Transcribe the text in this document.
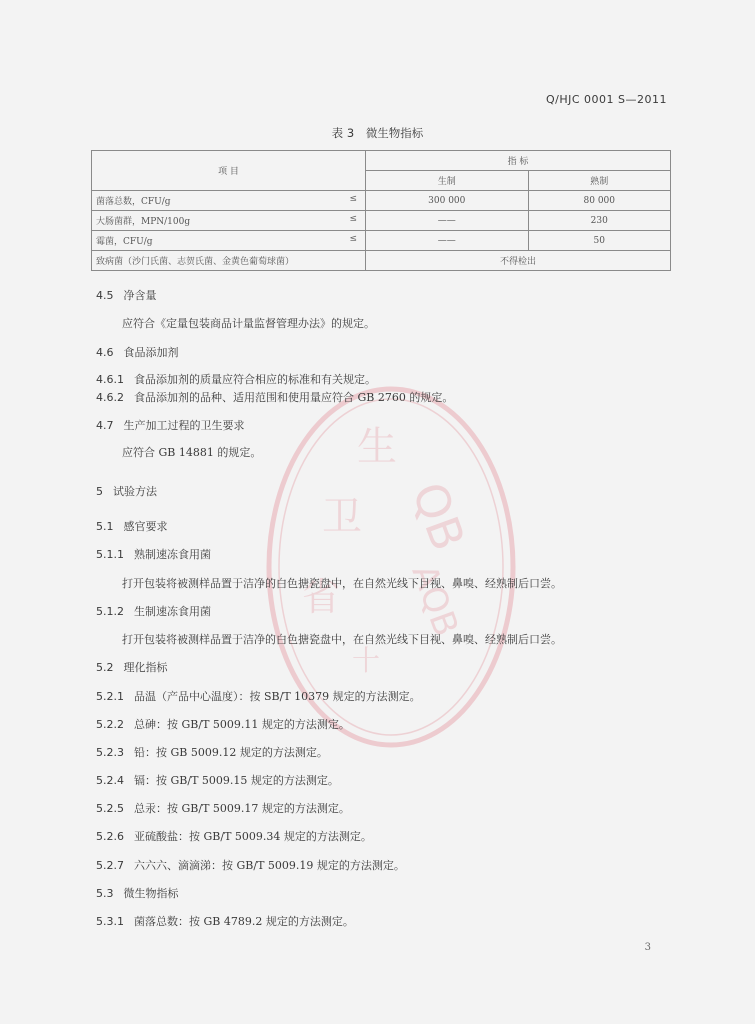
QB
AQB
卫
生
省
十
Q/HJC 0001 S—2011
表 3 微生物指标
项 目	指 标	
	生制	熟制
菌落总数，CFU/g ≤	300 000	80 000
大肠菌群，MPN/100g ≤	——	230
霉菌，CFU/g ≤	——	50
致病菌（沙门氏菌、志贺氏菌、金黄色葡萄球菌）	不得检出	
4.5 净含量
应符合《定量包装商品计量监督管理办法》的规定。
4.6 食品添加剂
4.6.1 食品添加剂的质量应符合相应的标准和有关规定。
4.6.2 食品添加剂的品种、适用范围和使用量应符合 GB 2760 的规定。
4.7 生产加工过程的卫生要求
应符合 GB 14881 的规定。
5 试验方法
5.1 感官要求
5.1.1 熟制速冻食用菌
打开包装将被测样品置于洁净的白色搪瓷盘中，在自然光线下目视、鼻嗅、经熟制后口尝。
5.1.2 生制速冻食用菌
打开包装将被测样品置于洁净的白色搪瓷盘中，在自然光线下目视、鼻嗅、经熟制后口尝。
5.2 理化指标
5.2.1 品温（产品中心温度）：按 SB/T 10379 规定的方法测定。
5.2.2 总砷：按 GB/T 5009.11 规定的方法测定。
5.2.3 铅：按 GB 5009.12 规定的方法测定。
5.2.4 镉：按 GB/T 5009.15 规定的方法测定。
5.2.5 总汞：按 GB/T 5009.17 规定的方法测定。
5.2.6 亚硫酸盐：按 GB/T 5009.34 规定的方法测定。
5.2.7 六六六、滴滴涕：按 GB/T 5009.19 规定的方法测定。
5.3 微生物指标
5.3.1 菌落总数：按 GB 4789.2 规定的方法测定。
3
